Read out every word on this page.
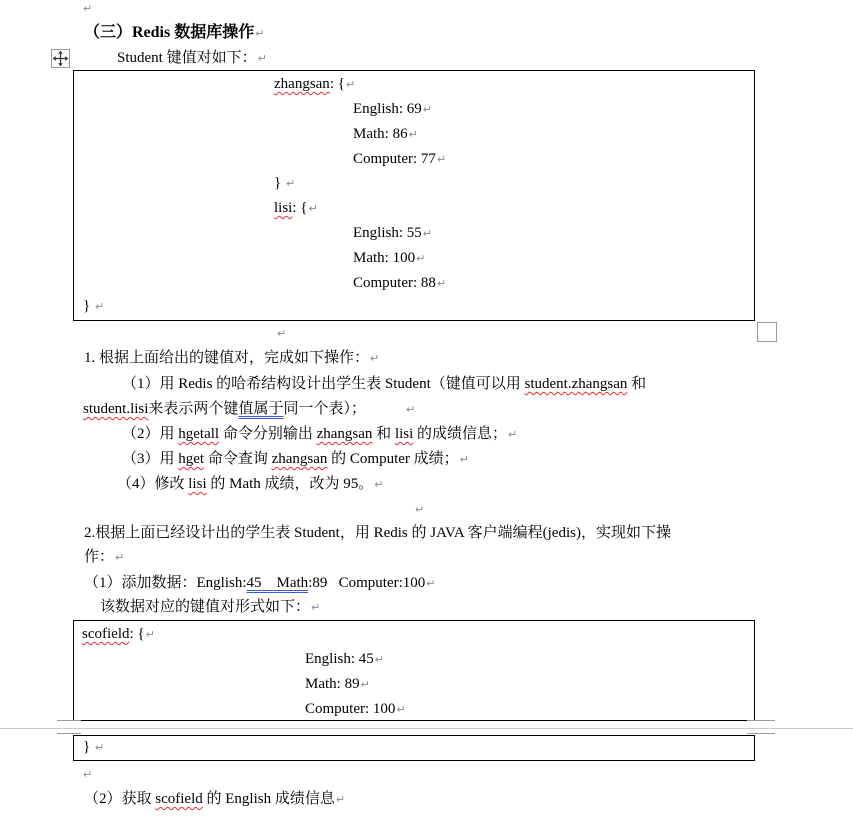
↵
（三）Redis 数据库操作↵
Student 键值对如下：↵
zhangsan: {↵
English: 69↵
Math: 86↵
Computer: 77↵
} ↵
lisi: {↵
English: 55↵
Math: 100↵
Computer: 88↵
} ↵
↵
1. 根据上面给出的键值对，完成如下操作：↵
（1）用 Redis 的哈希结构设计出学生表 Student（键值可以用 student.zhangsan 和
student.lisi来表示两个键值属于同一个表）；	↵
（2）用 hgetall 命令分别输出 zhangsan 和 lisi 的成绩信息；↵
（3）用 hget 命令查询 zhangsan 的 Computer 成绩；↵
（4）修改 lisi 的 Math 成绩，改为 95。↵
↵
2.根据上面已经设计出的学生表 Student，用 Redis 的 JAVA 客户端编程(jedis)，实现如下操
作：↵
（1）添加数据：English:45    Math:89   Computer:100↵
该数据对应的键值对形式如下：↵
scofield: {↵
English: 45↵
Math: 89↵
Computer: 100↵
} ↵
↵
（2）获取 scofield 的 English 成绩信息↵
